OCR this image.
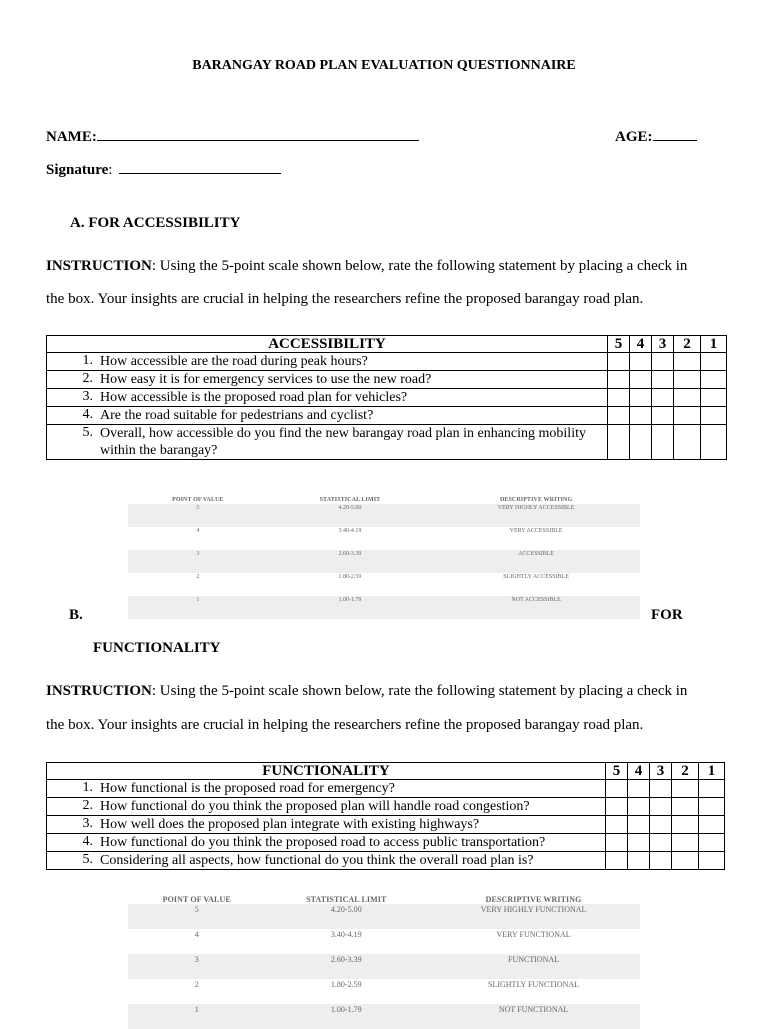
BARANGAY ROAD PLAN EVALUATION QUESTIONNAIRE
NAME:	AGE:
Signature:
A. FOR ACCESSIBILITY
INSTRUCTION: Using the 5-point scale shown below, rate the following statement by placing a check in
the box. Your insights are crucial in helping the researchers refine the proposed barangay road plan.
ACCESSIBILITY	5	4	3	2	1

1. How accessible are the road during peak hours?					

2. How easy it is for emergency services to use the new road?					

3. How accessible is the proposed road plan for vehicles?					

4. Are the road suitable for pedestrians and cyclist?					

5. Overall, how accessible do you find the new barangay road plan in enhancing mobility within the barangay?					

POINT OF VALUE	STATISTICAL LIMIT	DESCRIPTIVE WRITING
5	4.20-5.00	VERY HIGHLY ACCESSIBLE
4	3.40-4.19	VERY ACCESSIBLE
3	2.60-3.39	ACCESSIBLE
2	1.80-2.59	SLIGHTLY ACCESSIBLE
1	1.00-1.79	NOT ACCESSIBLE
B.	FOR
FUNCTIONALITY
INSTRUCTION: Using the 5-point scale shown below, rate the following statement by placing a check in
the box. Your insights are crucial in helping the researchers refine the proposed barangay road plan.
FUNCTIONALITY	5	4	3	2	1

1. How functional is the proposed road for emergency?					

2. How functional do you think the proposed plan will handle road congestion?					

3. How well does the proposed plan integrate with existing highways?					

4. How functional do you think the proposed road to access public transportation?					

5. Considering all aspects, how functional do you think the overall road plan is?					

POINT OF VALUE	STATISTICAL LIMIT	DESCRIPTIVE WRITING
5	4.20-5.00	VERY HIGHLY FUNCTIONAL
4	3.40-4.19	VERY FUNCTIONAL
3	2.60-3.39	FUNCTIONAL
2	1.80-2.59	SLIGHTLY FUNCTIONAL
1	1.00-1.79	NOT FUNCTIONAL
